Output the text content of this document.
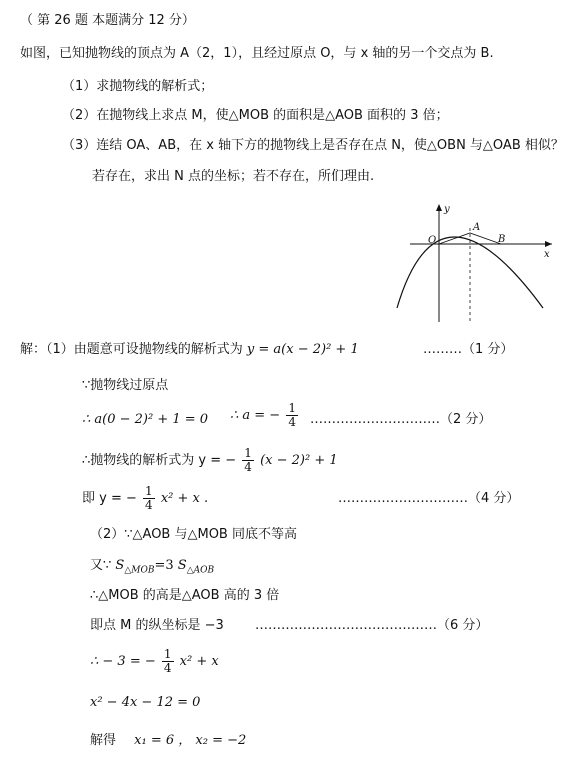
（ 第 26 题 本题满分 12 分）
如图，已知抛物线的顶点为 A（2，1），且经过原点 O，与 x 轴的另一个交点为 B.
（1）求抛物线的解析式；
（2）在抛物线上求点 M，使△MOB 的面积是△AOB 面积的 3 倍；
（3）连结 OA、AB，在 x 轴下方的抛物线上是否存在点 N，使△OBN 与△OAB 相似？
若存在，求出 N 点的坐标；若不存在，所们理由.
y
x
O
A
B
解：（1）由题意可设抛物线的解析式为 y = a(x − 2)² + 1	………（1 分）
∵抛物线过原点
∴ a(0 − 2)² + 1 = 0 ∴ a = − $\frac{1}{4}$ …………………………（2 分）
∴抛物线的解析式为 y = − $\frac{1}{4} (x - 2)^2 + 1$
即 y = − $\frac{1}{4} x^2 + x$ .	…………………………（4 分）
（2）∵△AOB 与△MOB 同底不等高
又∵ $S_{\triangle MOB}=3$ $S_{\triangle AOB}$
∴△MOB 的高是△AOB 高的 3 倍
即点 M 的纵坐标是 −3 ……………………………………（6 分）
∴ − 3 = − $\frac{1}{4} x^2 + x$
x² − 4x − 12 = 0
解得 x₁ = 6 ， x₂ = −2
